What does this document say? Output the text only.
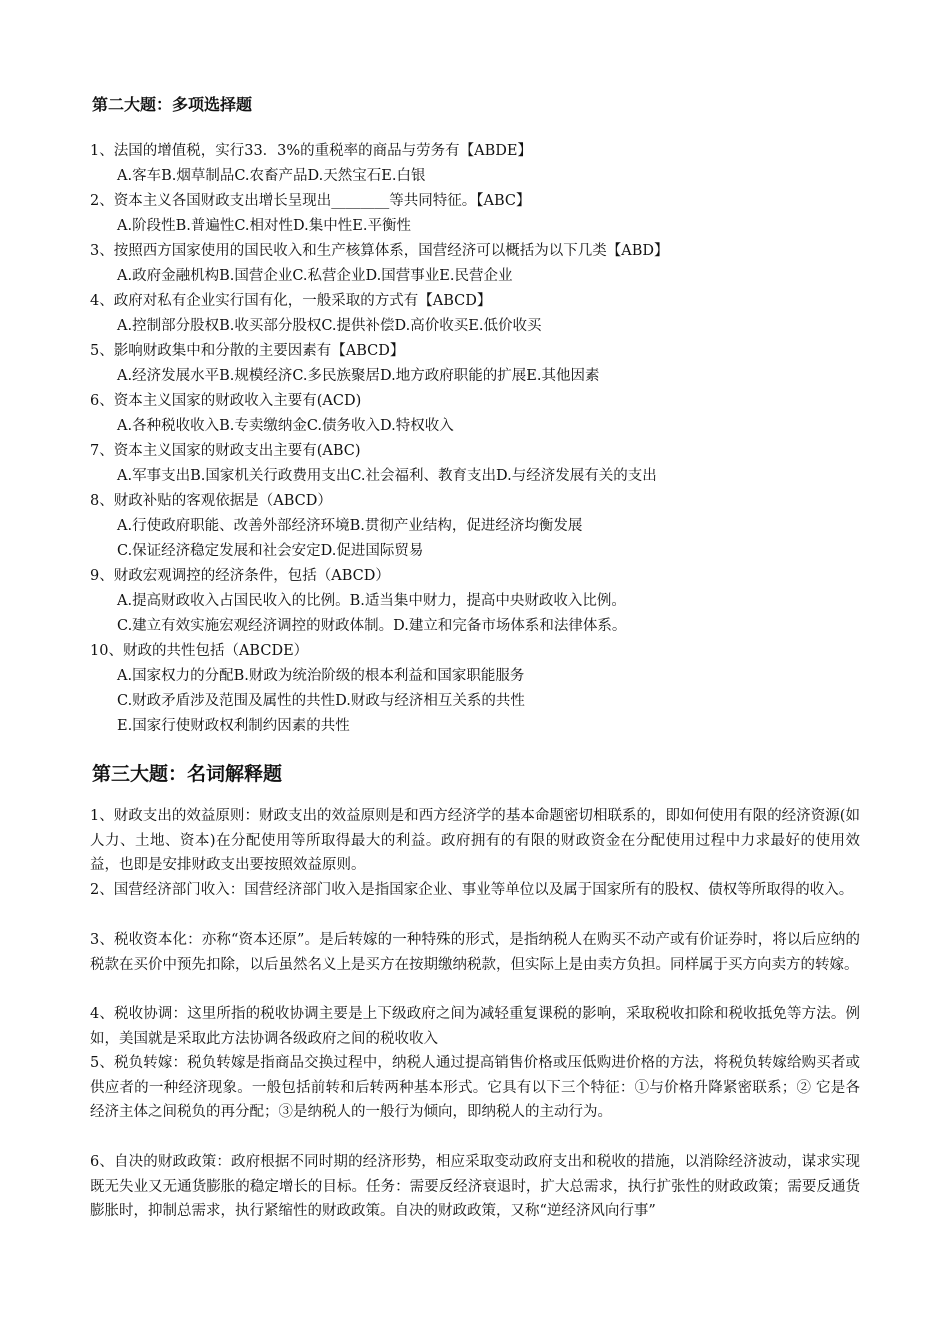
第二大题：多项选择题
1、法国的增值税，实行33．3%的重税率的商品与劳务有【ABDE】
A.客车B.烟草制品C.农畜产品D.天然宝石E.白银
2、资本主义各国财政支出增长呈现出________等共同特征。【ABC】
A.阶段性B.普遍性C.相对性D.集中性E.平衡性
3、按照西方国家使用的国民收入和生产核算体系，国营经济可以概括为以下几类【ABD】
A.政府金融机构B.国营企业C.私营企业D.国营事业E.民营企业
4、政府对私有企业实行国有化，一般采取的方式有【ABCD】
A.控制部分股权B.收买部分股权C.提供补偿D.高价收买E.低价收买
5、影响财政集中和分散的主要因素有【ABCD】
A.经济发展水平B.规模经济C.多民族聚居D.地方政府职能的扩展E.其他因素
6、资本主义国家的财政收入主要有(ACD)
A.各种税收收入B.专卖缴纳金C.债务收入D.特权收入
7、资本主义国家的财政支出主要有(ABC)
A.军事支出B.国家机关行政费用支出C.社会福利、教育支出D.与经济发展有关的支出
8、财政补贴的客观依据是（ABCD）
A.行使政府职能、改善外部经济环境B.贯彻产业结构，促进经济均衡发展
C.保证经济稳定发展和社会安定D.促进国际贸易
9、财政宏观调控的经济条件，包括（ABCD）
A.提高财政收入占国民收入的比例。B.适当集中财力，提高中央财政收入比例。
C.建立有效实施宏观经济调控的财政体制。D.建立和完备市场体系和法律体系。
10、财政的共性包括（ABCDE）
A.国家权力的分配B.财政为统治阶级的根本利益和国家职能服务
C.财政矛盾涉及范围及属性的共性D.财政与经济相互关系的共性
E.国家行使财政权利制约因素的共性
第三大题：名词解释题
1、财政支出的效益原则：财政支出的效益原则是和西方经济学的基本命题密切相联系的，即如何使用有限的经济资源(如人力、土地、资本)在分配使用等所取得最大的利益。政府拥有的有限的财政资金在分配使用过程中力求最好的使用效益，也即是安排财政支出要按照效益原则。
2、国营经济部门收入：国营经济部门收入是指国家企业、事业等单位以及属于国家所有的股权、债权等所取得的收入。
3、税收资本化：亦称“资本还原”。是后转嫁的一种特殊的形式，是指纳税人在购买不动产或有价证券时，将以后应纳的税款在买价中预先扣除，以后虽然名义上是买方在按期缴纳税款，但实际上是由卖方负担。同样属于买方向卖方的转嫁。
4、税收协调：这里所指的税收协调主要是上下级政府之间为减轻重复课税的影响，采取税收扣除和税收抵免等方法。例如，美国就是采取此方法协调各级政府之间的税收收入
5、税负转嫁：税负转嫁是指商品交换过程中，纳税人通过提高销售价格或压低购进价格的方法，将税负转嫁给购买者或供应者的一种经济现象。一般包括前转和后转两种基本形式。它具有以下三个特征：①与价格升降紧密联系；② 它是各经济主体之间税负的再分配；③是纳税人的一般行为倾向，即纳税人的主动行为。
6、自决的财政政策：政府根据不同时期的经济形势，相应采取变动政府支出和税收的措施，以消除经济波动，谋求实现既无失业又无通货膨胀的稳定增长的目标。任务：需要反经济衰退时，扩大总需求，执行扩张性的财政政策；需要反通货膨胀时，抑制总需求，执行紧缩性的财政政策。自决的财政政策，又称“逆经济风向行事”
